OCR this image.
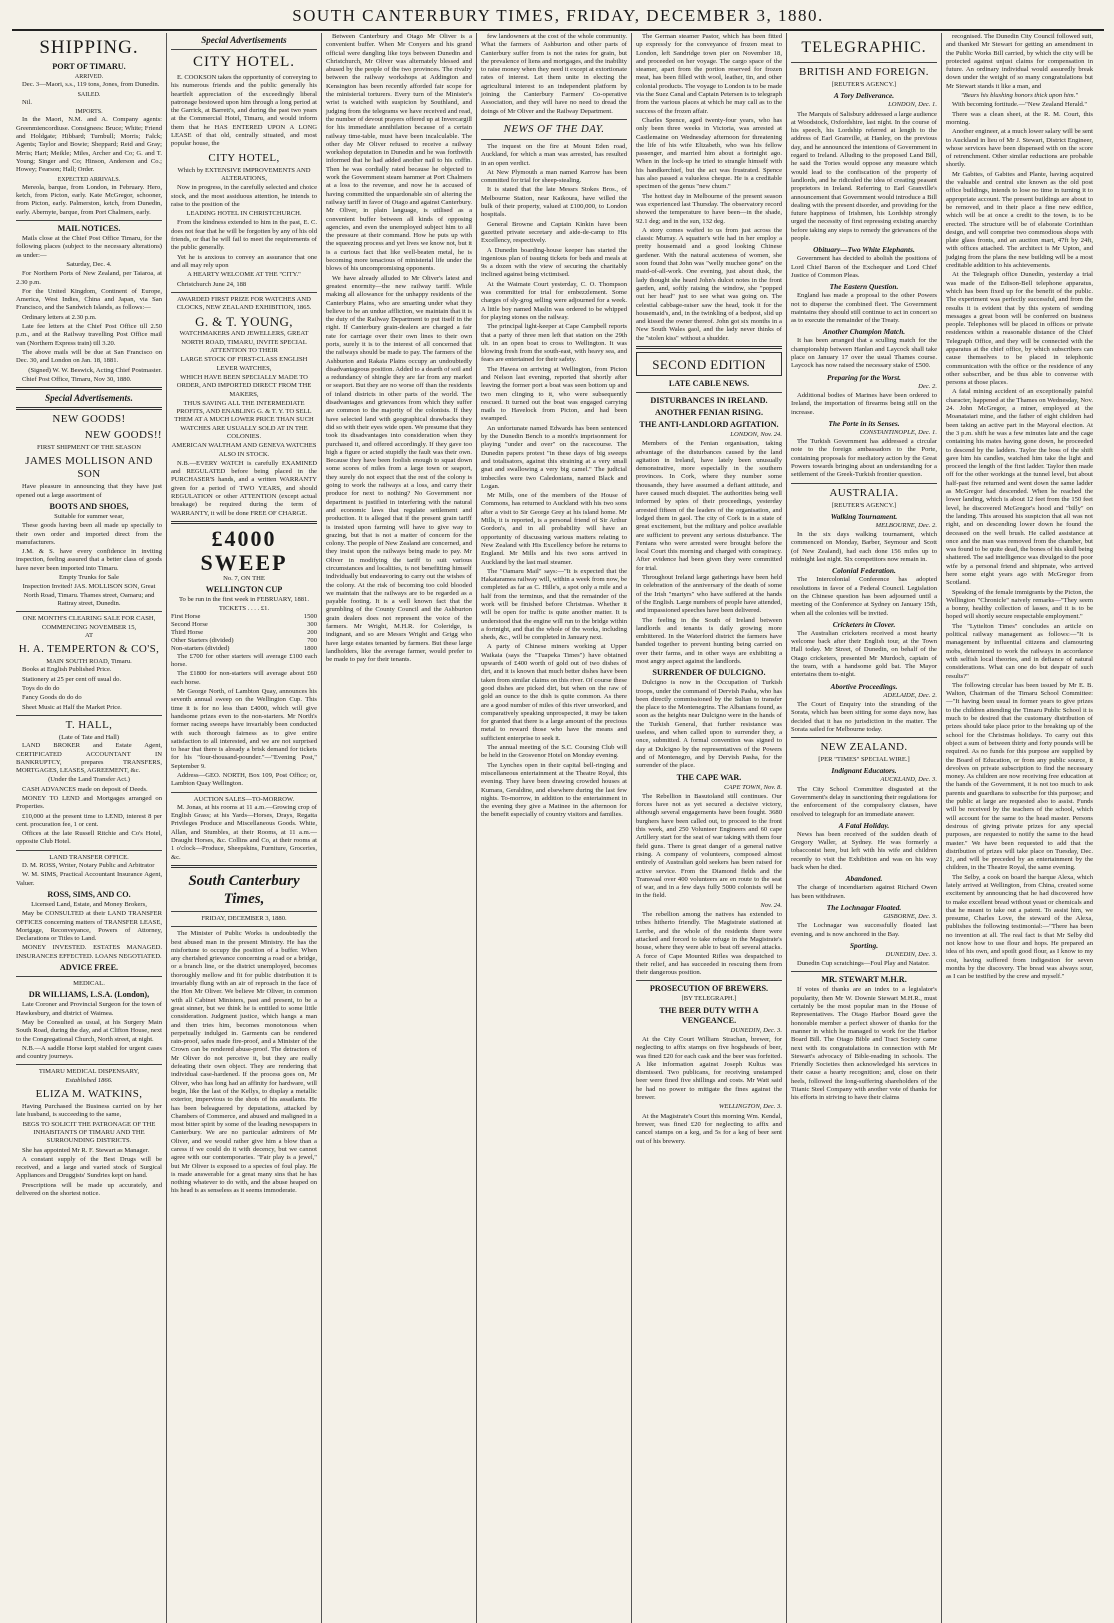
SOUTH CANTERBURY TIMES, FRIDAY, DECEMBER 3, 1880.
SHIPPING.
PORT OF TIMARU.
ARRIVED.

Dec. 3—Maori, s.s., 119 tons, Jones, from Dunedin.

SAILED.

Nil.

IMPORTS.

In the Maori, N.M. and A. Company agents: Greenmiencordiuse. Consignees: Bruce; White; Friend and Holdgate; Hibbard; Turnbull; Morris; Falck; Agents; Taylor and Bowie; Sheppard; Reid and Gray; Mrris; Hart; Meikle; Miles, Archer and Co; G. and T. Young; Singer and Co; Hinson, Anderson and Co.; Howey; Fearson; Hall; Order.

EXPECTED ARRIVALS.

Mereola, barque, from London, in February. Hero, ketch, from Picton, early. Kate McGregor, schooner, from Picton, early. Palmerston, ketch, from Dunedin, early. Abernyte, barque, from Port Chalmers, early.

MAIL NOTICES.

Mails close at the Chief Post Office Timaru, for the following places (subject to the necessary alterations) as under:—

Saturday, Dec. 4.

For Northern Ports of New Zealand, per Taiaroa, at 2.30 p.m.

For the United Kingdom, Continent of Europe, America, West Indies, China and Japan, via San Francisco, and the Sandwich Islands, as follows:—

Ordinary letters at 2.30 p.m.

Late fee letters at the Chief Post Office till 2.50 p.m., and at the Railway travelling Post Office mail van (Northern Express train) till 3.20.

The above mails will be due at San Francisco on Dec. 30, and London on Jan. 18, 1881.

(Signed) W. W. Beswick, Acting Chief Postmaster.

Chief Post Office, Timaru, Nov 30, 1880.

Special Advertisements.
NEW GOODS!
NEW GOODS!!
FIRST SHIPMENT OF THE SEASON
JAMES MOLLISON AND SON

Have pleasure in announcing that they have just opened out a large assortment of

BOOTS AND SHOES,

Suitable for summer wear,

These goods having been all made up specially to their own order and imported direct from the manufacturers.

J.M. & S. have every confidence in inviting inspection, feeling assured that a better class of goods have never been imported into Timaru.

Empty Trunks for Sale

Inspection Invited! JAS. MOLLISON SON, Great North Road, Timaru. Thames street, Oamaru; and Rattray street, Dunedin.

ONE MONTH'S CLEARING SALE FOR CASH,
COMMENCING NOVEMBER 15,
AT
H. A. TEMPERTON & CO'S,
MAIN SOUTH ROAD, Timaru.

Books at English Published Price.

Stationery at 25 per cent off usual do.

Toys do do do

Fancy Goods do do do

Sheet Music at Half the Market Price.

T. HALL,
(Late of Tate and Hall)

LAND BROKER and Estate Agent, CERTIFICATED ACCOUNTANT IN BANKRUPTCY, prepares TRANSFERS, MORTGAGES, LEASES, AGREEMENT, &c.

(Under the Land Transfer Act.)

CASH ADVANCES made on deposit of Deeds.

MONEY TO LEND and Mortgages arranged on Properties.

£10,000 at the present time to LEND, interest 8 per cent. procuration fee, 1 or cent.

Offices at the late Russell Ritchie and Co's Hotel, opposite Club Hotel.

LAND TRANSFER OFFICE.

D. M. ROSS, Writer, Notary Public and Arbitrator

W. M. SIMS, Practical Accountant Insurance Agent, Valuer.

ROSS, SIMS, AND CO.

Licensed Land, Estate, and Money Brokers,

May be CONSULTED at their LAND TRANSFER OFFICES concerning matters of TRANSFER LEASE, Mortgage, Reconveyance, Powers of Attorney, Declarations or Titles to Land.

MONEY INVESTED. ESTATES MANAGED. INSURANCES EFFECTED. LOANS NEGOTIATED.

ADVICE FREE.
MEDICAL.
DR WILLIAMS, L.S.A. (London),

Late Coroner and Provincial Surgeon for the town of Hawkesbury, and district of Waimea.

May be Consulted as usual, at his Surgery Main South Road, during the day, and at Clifton House, next to the Congregational Church, North street, at night.

N.B.—A saddle Horse kept stabled for urgent cases and country journeys.

TIMARU MEDICAL DISPENSARY,
Established 1866.
ELIZA M. WATKINS,

Having Purchased the Business carried on by her late husband, is succeeding to the same,

BEGS TO SOLICIT THE PATRONAGE OF THE INHABITANTS OF TIMARU AND THE SURROUNDING DISTRICTS.

She has appointed Mr R. F. Stewart as Manager.

A constant supply of the Best Drugs will be received, and a large and varied stock of Surgical Appliances and Druggists' Sundries kept on hand.

Prescriptions will be made up accurately, and delivered on the shortest notice.

Special Advertisements
CITY HOTEL.

E. COOKSON takes the opportunity of conveying to his numerous friends and the public generally his heartfelt appreciation of the exceedingly liberal patronage bestowed upon him through a long period at the Garrick, at Barrett's, and during the past two years at the Commercial Hotel, Timaru, and would inform them that he HAS ENTERED UPON A LONG LEASE of that old, centrally situated, and most popular house, the

CITY HOTEL,

Which by EXTENSIVE IMPROVEMENTS AND ALTERATIONS,

Now in progress, in the carefully selected and choice stock, and the most assiduous attention, he intends to raise to the position of the

LEADING HOTEL IN CHRISTCHURCH.

From the kindness extended to him in the past, E. C. does not fear that he will be forgotten by any of his old friends, or that he will fail to meet the requirements of the public generally.

Yet he is anxious to convey an assurance that one and all may rely upon

A HEARTY WELCOME AT THE "CITY."

Christchurch June 24, 188

AWARDED FIRST PRIZE FOR WATCHES AND CLOCKS, NEW ZEALAND EXHIBITION, 1865.

G. & T. YOUNG,

WATCHMAKERS AND JEWELLERS, GREAT NORTH ROAD, TIMARU, INVITE SPECIAL ATTENTION TO THEIR

LARGE STOCK OF FIRST-CLASS ENGLISH LEVER WATCHES,

WHICH HAVE BEEN SPECIALLY MADE TO ORDER, AND IMPORTED DIRECT FROM THE MAKERS,

THUS SAVING ALL THE INTERMEDIATE PROFITS, AND ENABLING G. & T. Y. TO SELL THEM AT A MUCH LOWER PRICE THAN SUCH WATCHES ARE USUALLY SOLD AT IN THE COLONIES.

AMERICAN WALTHAM AND GENEVA WATCHES ALSO IN STOCK.

N.B.—EVERY WATCH is carefully EXAMINED and REGULATED before being placed in the PURCHASER'S hands, and a written WARRANTY given for a period of TWO YEARS, and should REGULATION or other ATTENTION (except actual breakage) be required during the term of WARRANTY, it will be done FREE OF CHARGE.

£4000 SWEEP
No. 7, ON THE
WELLINGTON CUP
To be run in the first week in FEBRUARY, 1881.
TICKETS . . . . £1.
First Horse	1500
Second Horse	300
Third Horse	200
Other Starters (divided)	700
Non-starters (divided)	1800

The £700 for other starters will average £100 each horse.

The £1800 for non-starters will average about £60 each horse.

Mr George North, of Lambton Quay, announces his seventh annual sweep on the Wellington Cup. This time it is for no less than £4000, which will give handsome prizes even to the non-starters. Mr North's former racing sweeps have invariably been conducted with such thorough fairness as to give entire satisfaction to all interested, and we are not surprised to hear that there is already a brisk demand for tickets for his "four-thousand-pounder."—"Evening Post," September 9.

Address—GEO. NORTH, Box 109, Post Office; or, Lambton Quay Wellington.

AUCTION SALES—TO-MORROW.

M. Jonas, at his rooms at 11 a.m.—Growing crop of English Grass; at his Yards—Horses, Drays, Regatta Privileges Produce and Miscellaneous Goods. White, Allan, and Stumbles, at their Rooms, at 11 a.m.—Draught Horses, &c. Collins and Co, at their rooms at 1 o'clock—Produce, Sheepskins, Furniture, Groceries, &c.

South Canterbury Times,
FRIDAY, DECEMBER 3, 1880.

The Minister of Public Works is undoubtedly the best abused man in the present Ministry. He has the misfortune to occupy the position of a buffer. When any cherished grievance concerning a road or a bridge, or a branch line, or the district unemployed, becomes thoroughly mellow and fit for public distribution it is invariably flung with an air of reproach in the face of the Hon Mr Oliver. We believe Mr Oliver, in common with all Cabinet Ministers, past and present, to be a great sinner, but we think he is entitled to some little consideration. Judgment justice, which hangs a man and then tries him, becomes monotonous when perpetually indulged in. Garments can be rendered rain-proof, safes made fire-proof, and a Minister of the Crown can be rendered abuse-proof. The detractors of Mr Oliver do not perceive it, but they are really defeating their own object. They are rendering that individual case-hardened. If the process goes on, Mr Oliver, who has long had an affinity for hardware, will begin, like the last of the Kellys, to display a metallic exterior, impervious to the shots of his assailants. He has been beleaguered by deputations, attacked by Chambers of Commerce, and abused and maligned in a most bitter spirit by some of the leading newspapers in Canterbury. We are no particular admirers of Mr Oliver, and we would rather give him a blow than a caress if we could do it with decency, but we cannot agree with our contemporaries. "Fair play is a jewel," but Mr Oliver is exposed to a species of foul play. He is made answerable for a great many sins that he has nothing whatever to do with, and the abuse heaped on his head is as senseless as it seems immoderate.

Between Canterbury and Otago Mr Oliver is a convenient buffer. When Mr Conyers and his grand official were dangling like toys between Dunedin and Christchurch, Mr Oliver was alternately blessed and abused by the people of the two provinces. The rivalry between the railway workshops at Addington and Kensington has been recently afforded fair scope for the ministerial torturers. Every turn of the Minister's wrist is watched with suspicion by Southland, and judging from the telegrams we have received and read, the number of devout prayers offered up at Invercargill for his immediate annihilation because of a certain railway time-table, must have been incalculable. The other day Mr Oliver refused to receive a railway workshop deputation in Dunedin and he was forthwith informed that he had added another nail to his coffin. Then he was cordially rated because he objected to work the Government steam hammer at Port Chalmers at a loss to the revenue, and now he is accused of having committed the unpardonable sin of altering the railway tariff in favor of Otago and against Canterbury. Mr Oliver, in plain language, is utilised as a convenient buffer between all kinds of opposing agencies, and even the unemployed subject him to all the pressure at their command. How he puts up with the squeezing process and yet lives we know not, but it is a curious fact that like well-beaten metal, he is becoming more tenacious of ministerial life under the blows of his uncompromising opponents.

We have already alluded to Mr Oliver's latest and greatest enormity—the new railway tariff. While making all allowance for the unhappy residents of the Canterbury Plains, who are smarting under what they believe to be an undue affliction, we maintain that it is the duty of the Railway Department to put itself in the right. If Canterbury grain-dealers are charged a fair rate for carriage over their own lines to their own ports, surely it is to the interest of all concerned that the railways should be made to pay. The farmers of the Ashburton and Rakaia Plains occupy an undoubtedly disadvantageous position. Added to a dearth of soil and a redundancy of shingle they are far from any market or seaport. But they are no worse off than the residents of inland districts in other parts of the world. The disadvantages and grievances from which they suffer are common to the majority of the colonists. If they have selected land with geographical drawbacks they did so with their eyes wide open. We presume that they took its disadvantages into consideration when they purchased it, and offered accordingly. If they gave too high a figure or acted stupidly the fault was their own. Because they have been foolish enough to squat down some scores of miles from a large town or seaport, they surely do not expect that the rest of the colony is going to work the railways at a loss, and carry their produce for next to nothing? No Government nor department is justified in interfering with the natural and economic laws that regulate settlement and production. It is alleged that if the present grain tariff is insisted upon farming will have to give way to grazing, but that is not a matter of concern for the colony. The people of New Zealand are concerned, and they insist upon the railways being made to pay. Mr Oliver in modifying the tariff to suit various circumstances and localities, is not benefitting himself individually but endeavoring to carry out the wishes of the colony. At the risk of becoming too cold blooded we maintain that the railways are to be regarded as a payable footing. It is a well known fact that the grumbling of the County Council and the Ashburton grain dealers does not represent the voice of the farmers. Mr Wright, M.H.R. for Coleridge, is indignant, and so are Messrs Wright and Grigg who have large estates tenanted by farmers. But these large landholders, like the average farmer, would prefer to be made to pay for their tenants.

few landowners at the cost of the whole community. What the farmers of Ashburton and other parts of Canterbury suffer from is not the rates for grain, but the prevalence of liens and mortgages, and the inability to raise money when they need it except at extortionate rates of interest. Let them unite in electing the agricultural interest to an independent platform by joining the Canterbury Farmers' Co-operative Association, and they will have no need to dread the doings of Mr Oliver and the Railway Department.

NEWS OF THE DAY.

The inquest on the fire at Mount Eden road, Auckland, for which a man was arrested, has resulted in an open verdict.

At New Plymouth a man named Karrow has been committed for trial for sheep-stealing.

It is stated that the late Messrs Stokes Bros., of Melbourne Station, near Kaikoura, have willed the bulk of their property, valued at £100,000, to London hospitals.

General Browne and Captain Kinkin have been gazetted private secretary and aide-de-camp to His Excellency, respectively.

A Dunedin boarding-house keeper has started the ingenious plan of issuing tickets for beds and meals at 9s a dozen with the view of securing the charitably inclined against being victimised.

At the Waimate Court yesterday, C. O. Thompson was committed for trial for embezzlement. Some charges of sly-grog selling were adjourned for a week. A little boy named Maslin was ordered to be whipped for playing stones on the railway.

The principal light-keeper at Cape Campbell reports that a party of three men left that station on the 29th ult. in an open boat to cross to Wellington. It was blowing fresh from the south-east, with heavy sea, and fears are entertained for their safety.

The Hawea on arriving at Wellington, from Picton and Nelson last evening, reported that shortly after leaving the former port a boat was seen bottom up and two men clinging to it, who were subsequently rescued. It turned out the boat was engaged carrying mails to Havelock from Picton, and had been swamped.

An unfortunate named Edwards has been sentenced by the Dunedin Bench to a month's imprisonment for playing "under and over" on the racecourse. The Dunedin papers protest "in these days of big sweeps and totalisators, against this straining at a very small gnat and swallowing a very big camel." The judicial imbeciles were two Caledonians, named Black and Logan.

Mr Mills, one of the members of the House of Commons, has returned to Auckland with his two sons after a visit to Sir George Grey at his island home. Mr Mills, it is reported, is a personal friend of Sir Arthur Gordon's, and in all probability will have an opportunity of discussing various matters relating to New Zealand with His Excellency before he returns to England. Mr Mills and his two sons arrived in Auckland by the last mail steamer.

The "Oamaru Mail" says:—"It is expected that the Hakataramea railway will, within a week from now, be completed as far as C. Hille's, a spot only a mile and a half from the terminus, and that the remainder of the work will be finished before Christmas. Whether it will be open for traffic is quite another matter. It is understood that the engine will run to the bridge within a fortnight, and that the whole of the works, including sheds, &c., will be completed in January next.

A party of Chinese miners working at Upper Waikaia (says the "Tuapeka Times") have obtained upwards of £400 worth of gold out of two dishes of dirt, and it is known that much better dishes have been taken from similar claims on this river. Of course these good dishes are picked dirt, but when on the raw of gold an ounce to the dish is quite common. As there are a good number of miles of this river unworked, and comparatively speaking unprospected, it may be taken for granted that there is a large amount of the precious metal to reward those who have the means and sufficient enterprise to seek it.

The annual meeting of the S.C. Coursing Club will be held in the Grosvenor Hotel on Monday evening.

The Lynches open in their capital bell-ringing and miscellaneous entertainment at the Theatre Royal, this evening. They have been drawing crowded houses at Kumara, Geraldine, and elsewhere during the last few nights. To-morrow, in addition to the entertainment in the evening they give a Matinee in the afternoon for the benefit especially of country visitors and families.

The German steamer Pastor, which has been fitted up expressly for the conveyance of frozen meat to London, left Sandridge town pier on November 18, and proceeded on her voyage. The cargo space of the steamer, apart from the portion reserved for frozen meat, has been filled with wool, leather, tin, and other colonial products. The voyage to London is to be made via the Suez Canal and Captain Petersen is to telegraph from the various places at which he may call as to the success of the frozen affair.

Charles Spence, aged twenty-four years, who has only been three weeks in Victoria, was arrested at Castlemaine on Wednesday afternoon for threatening the life of his wife Elizabeth, who was his fellow passenger, and married him about a fortnight ago. When in the lock-up he tried to strangle himself with his handkerchief, but the act was frustrated. Spence has also passed a valueless cheque. He is a creditable specimen of the genus "new chum."

The hottest day in Melbourne of the present season was experienced last Thursday. The observatory record showed the temperature to have been—in the shade, 92.1 deg; and in the sun, 132 deg.

A story comes wafted to us from just across the classic Murray. A squatter's wife had in her employ a pretty housemaid and a good looking Chinese gardener. With the natural acuteness of women, she soon found that John was "welly muchee gone" on the maid-of-all-work. One evening, just about dusk, the lady thought she heard John's dulcet notes in the front garden, and, softly raising the window, she "popped out her head" just to see what was going on. The celestial cabbage-raiser saw the head, took it for the housemaid's, and, in the twinkling of a bedpost, slid up and kissed the owner thereof. John got six months in a New South Wales gaol, and the lady never thinks of the "stolen kiss" without a shudder.

SECOND EDITION
LATE CABLE NEWS.
DISTURBANCES IN IRELAND.
ANOTHER FENIAN RISING.
THE ANTI-LANDLORD AGITATION.

LONDON, Nov. 24.

Members of the Fenian organisation, taking advantage of the disturbances caused by the land agitation in Ireland, have lately been unusually demonstrative, more especially in the southern provinces. In Cork, where they number some thousands, they have assumed a defiant attitude, and have caused much disquiet. The authorities being well informed by spies of their proceedings, yesterday arrested fifteen of the leaders of the organisation, and lodged them in gaol. The city of Cork is in a state of great excitement, but the military and police available are sufficient to prevent any serious disturbance. The Fenians who were arrested were brought before the local Court this morning and charged with conspiracy. After evidence had been given they were committed for trial.

Throughout Ireland large gatherings have been held in celebration of the anniversary of the death of some of the Irish "martyrs" who have suffered at the hands of the English. Large numbers of people have attended, and impassioned speeches have been delivered.

The feeling in the South of Ireland between landlords and tenants is daily growing more embittered. In the Waterford district the farmers have banded together to prevent hunting being carried on over their farms, and in other ways are exhibiting a most angry aspect against the landlords.

SURRENDER OF DULCIGNO.

Dulcigno is now in the Occupation of Turkish troops, under the command of Dervish Pasha, who has been directly commissioned by the Sultan to transfer the place to the Montenegrins. The Albanians found, as soon as the heights near Dulcigno were in the hands of the Turkish General, that further resistance was useless, and when called upon to surrender they, a once, submitted. A formal convention was signed to day at Dulcigno by the representatives of the Powers and of Montenegro, and by Dervish Pasha, for the surrender of the place.

THE CAPE WAR.

CAPE TOWN, Nov. 8.

The Rebellion in Basutoland still continues. Our forces have not as yet secured a decisive victory, although several engagements have been fought. 3680 burghers have been called out, to proceed to the front this week, and 250 Volunteer Engineers and 60 cape Artillery start for the seat of war taking with them four field guns. There is great danger of a general native rising. A company of volunteers, composed almost entirely of Australian gold seekers has been raised for active service. From the Diamond fields and the Transvaal over 400 volunteers are en route to the seat of war, and in a few days fully 5000 colonists will be in the field.

Nov. 24.

The rebellion among the natives has extended to tribes hitherto friendly. The Magistrate stationed at Lerrbe, and the whole of the residents there were attacked and forced to take refuge in the Magistrate's house, where they were able to beat off several attacks. A force of Cape Mounted Rifles was despatched to their relief, and has succeeded in rescuing them from their dangerous position.

PROSECUTION OF BREWERS.
[BY TELEGRAPH.]
THE BEER DUTY WITH A VENGEANCE.

DUNEDIN, Dec. 3.

At the City Court William Strachan, brewer, for neglecting to affix stamps on five hogsheads of beer, was fined £20 for each cask and the beer was forfeited. A like information against Joseph Kultus was dismissed. Two publicans, for receiving unstamped beer were fined five shillings and costs. Mr Watt said he had no power to mitigate the fines against the brewer.

WELLINGTON, Dec. 3.

At the Magistrate's Court this morning Wm. Kendal, brewer, was fined £20 for neglecting to affix and cancel stamps on a keg, and 5s for a keg of beer sent out of his brewery.

TELEGRAPHIC.
BRITISH AND FOREIGN.
[REUTER'S AGENCY.]
A Tory Deliverance.

LONDON, Dec. 1.

The Marquis of Salisbury addressed a large audience at Woodstock, Oxfordshire, last night. In the course of his speech, his Lordship referred at length to the address of Earl Granville, at Hanley, on the previous day, and he announced the intentions of Government in regard to Ireland. Alluding to the proposed Land Bill, he said the Tories would oppose any measure which would lead to the confiscation of the property of landlords, and he ridiculed the idea of creating peasant proprietors in Ireland. Referring to Earl Granville's announcement that Government would introduce a Bill dealing with the present disorder, and providing for the future happiness of Irishmen, his Lordship strongly urged the necessity of first repressing existing anarchy before taking any steps to remedy the grievances of the people.

Obituary—Two White Elephants.

Government has decided to abolish the positions of Lord Chief Baron of the Exchequer and Lord Chief Justice of Common Pleas.

The Eastern Question.

England has made a proposal to the other Powers not to disperse the combined fleet. The Government maintains they should still continue to act in concert so as to execute the remainder of the Treaty.

Another Champion Match.

It has been arranged that a sculling match for the championship between Hanlan and Laycock shall take place on January 17 over the usual Thames course. Laycock has now raised the necessary stake of £500.

Preparing for the Worst.

Dec. 2.

Additional bodies of Marines have been ordered to Ireland, the importation of firearms being still on the increase.

The Porte in its Senses.

CONSTANTINOPLE, Dec. 1.

The Turkish Government has addressed a circular note to the foreign ambassadors to the Porte, containing proposals for mediatory action by the Great Powers towards bringing about an understanding for a settlement of the Greek-Turkish frontier question.

AUSTRALIA.
[REUTER'S AGENCY.]
Walking Tournament.

MELBOURNE, Dec. 2.

In the six days walking tournament, which commenced on Monday, Barber, Seymour and Scott (of New Zealand), had each done 156 miles up to midnight last night. Six competitors now remain in.

Colonial Federation.

The Intercolonial Conference has adopted resolutions in favor of a Federal Council. Legislation on the Chinese question has been adjourned until a meeting of the Conference at Sydney on January 15th, when all the colonies will be invited.

Cricketers in Clover.

The Australian cricketers received a most hearty welcome back after their English tour, at the Town Hall today. Mr Street, of Dunedin, on behalf of the Otago cricketers, presented Mr Murdoch, captain of the team, with a handsome gold bat. The Mayor entertains them to-night.

Abortive Proceedings.

ADELAIDE, Dec. 2.

The Court of Enquiry into the stranding of the Sorata, which has been sitting for some days now, has decided that it has no jurisdiction in the matter. The Sorata sailed for Melbourne today.

NEW ZEALAND.
[PER "TIMES" SPECIAL WIRE.]
Indignant Educators.

AUCKLAND, Dec. 3.

The City School Committee disgusted at the Government's delay in sanctioning their regulations for the enforcement of the compulsory clauses, have resolved to telegraph for an immediate answer.

A Fatal Holiday.

News has been received of the sudden death of Gregory Waller, at Sydney. He was formerly a tobacconist here, but left with his wife and children recently to visit the Exhibition and was on his way back when he died.

Abandoned.

The charge of incendiarism against Richard Owen has been withdrawn.

The Lochnagar Floated.

GISBORNE, Dec. 3.

The Lochnagar was successfully floated last evening, and is now anchored in the Bay.

Sporting.

DUNEDIN, Dec. 3.

Dunedin Cup scratchings—Foul Play and Natator.

MR. STEWART M.H.R.

If votes of thanks are an index to a legislator's popularity, then Mr W. Downie Stewart M.H.R., must certainly be the most popular man in the House of Representatives. The Otago Harbor Board gave the honorable member a perfect shower of thanks for the manner in which he managed to work for the Harbor Board Bill. The Otago Bible and Tract Society came next with its congratulations in connection with Mr Stewart's advocacy of Bible-reading in schools. The Friendly Societies then acknowledged his services in their cause a hearty recognition; and, close on their heels, followed the long-suffering shareholders of the Titanic Steel Company with another vote of thanks for his efforts in striving to have their claims

recognised. The Dunedin City Council followed suit, and thanked Mr Stewart for getting an amendment in the Public Works Bill carried, by which the city will be protected against unjust claims for compensation in future. An ordinary individual would assuredly break down under the weight of so many congratulations but Mr Stewart stands it like a man, and

"Bears his blushing honors thick upon him."

With becoming fortitude.—"New Zealand Herald."

There was a clean sheet, at the R. M. Court, this morning.

Another engineer, at a much lower salary will be sent to Auckland in lieu of Mr J. Stewart, District Engineer, whose services have been dispensed with on the score of retrenchment. Other similar reductions are probable shortly.

Mr Gabites, of Gabites and Plante, having acquired the valuable and central site known as the old post office buildings, intends to lose no time in turning it to appropriate account. The present buildings are about to be removed, and in their place a fine new edifice, which will be at once a credit to the town, is to be erected. The structure will be of elaborate Corinthian design, and will comprise two commodious shops with plate glass fronts, and an auction mart, 47ft by 24ft, with offices attached. The architect is Mr Upton, and judging from the plans the new building will be a most creditable addition to his achievements.

At the Telegraph office Dunedin, yesterday a trial was made of the Edison-Bell telephone apparatus, which has been fixed up for the benefit of the public. The experiment was perfectly successful, and from the results it is evident that by this system of sending messages a great boon will be conferred on business people. Telephones will be placed in offices or private residences within a reasonable distance of the Chief Telegraph Office, and they will be connected with the apparatus at the chief office, by which subscribers can cause themselves to be placed in telephonic communication with the office or the residence of any other subscriber, and be thus able to converse with persons at those places.

A fatal mining accident of an exceptionally painful character, happened at the Thames on Wednesday, Nov. 24. John McGregor, a miner, employed at the Moanataiari mine, and the father of eight children had been taking an active part in the Mayoral election. At the 3 p.m. shift he was a few minutes late and the cage containing his mates having gone down, he proceeded to descend by the ladders. Taylor the boss of the shift gave him his candles, watched him take the light and proceed the length of the first ladder. Taylor then made off for the other workings at the tunnel level, but about half-past five returned and went down the same ladder as McGregor had descended. When he reached the lower landing, which is about 12 feet from the 150 feet level, he discovered McGregor's hood and "billy" on the landing. This aroused his suspicion that all was not right, and on descending lower down he found the deceased on the well brush. He called assistance at once and the man was removed from the chamber, but was found to be quite dead, the bones of his skull being shattered. The sad intelligence was divulged to the poor wife by a personal friend and shipmate, who arrived here some eight years ago with McGregor from Scotland.

Speaking of the female immigrants by the Picton, the Wellington "Chronicle" naively remarks—"They seem a bonny, healthy collection of lasses, and it is to be hoped will shortly secure respectable employment."

The "Lyttelton Times" concludes an article on political railway management as follows:—"It is management by influential citizens and clamouring mobs, determined to work the railways in accordance with selfish local theories, and in defiance of natural considerations. What can one do but despair of such results?"

The following circular has been issued by Mr E. B. Walton, Chairman of the Timaru School Committee:—"It having been usual in former years to give prizes to the children attending the Timaru Public School it is much to be desired that the customary distribution of prizes should take place prior to the breaking up of the school for the Christmas holidays. To carry out this object a sum of between thirty and forty pounds will be required. As no funds for this purpose are supplied by the Board of Education, or from any public source, it devolves on private subscription to find the necessary money. As children are now receiving free education at the hands of the Government, it is not too much to ask parents and guardians to subscribe for this purpose; and the public at large are requested also to assist. Funds will be received by the teachers of the school, which will account for the same to the head master. Persons desirous of giving private prizes for any special purposes, are requested to notify the same to the head master." We have been requested to add that the distribution of prizes will take place on Tuesday, Dec. 21, and will be preceded by an entertainment by the children, in the Theatre Royal, the same evening.

The Selby, a cook on board the barque Alexa, which lately arrived at Wellington, from China, created some excitement by announcing that he had discovered how to make excellent bread without yeast or chemicals and that he meant to take out a patent. To assist him, we presume, Charles Love, the steward of the Alexa, publishes the following testimonial:—"There has been no invention at all. The real fact is that Mr Selby did not know how to use flour and hops. He prepared an idea of his own, and spoilt good flour, as I know to my cost, having suffered from indigestion for seven months by the discovery. The bread was always sour, as I can be testified by the crew and myself."
